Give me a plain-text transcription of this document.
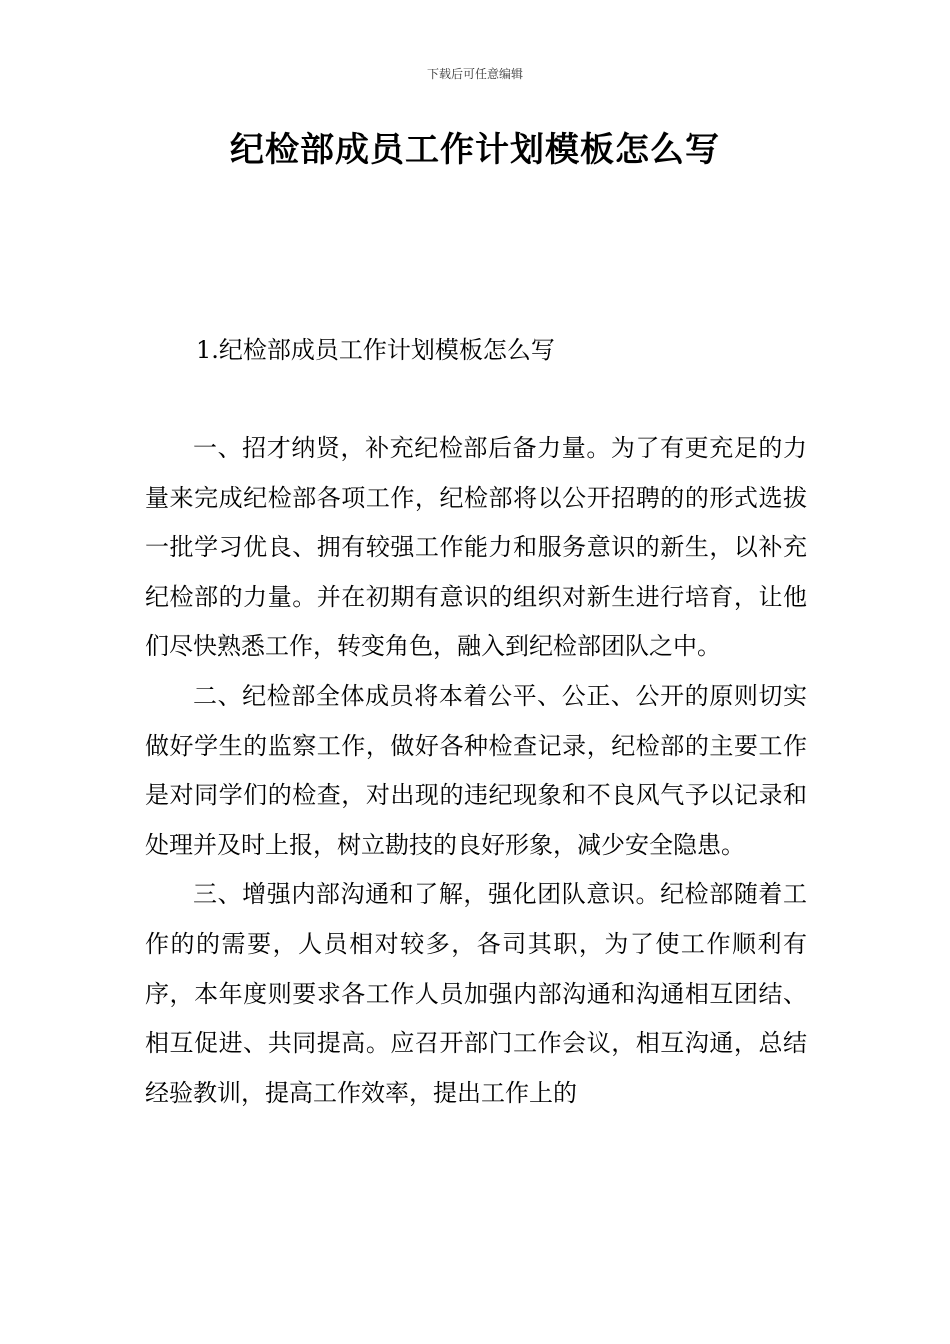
下载后可任意编辑
纪检部成员工作计划模板怎么写
1.纪检部成员工作计划模板怎么写

一、招才纳贤，补充纪检部后备力量。为了有更充足的力量来完成纪检部各项工作，纪检部将以公开招聘的的形式选拔一批学习优良、拥有较强工作能力和服务意识的新生，以补充纪检部的力量。并在初期有意识的组织对新生进行培育，让他们尽快熟悉工作，转变角色，融入到纪检部团队之中。

二、纪检部全体成员将本着公平、公正、公开的原则切实做好学生的监察工作，做好各种检查记录，纪检部的主要工作是对同学们的检查，对出现的违纪现象和不良风气予以记录和处理并及时上报，树立勘技的良好形象，减少安全隐患。

三、增强内部沟通和了解，强化团队意识。纪检部随着工作的的需要，人员相对较多，各司其职，为了使工作顺利有序，本年度则要求各工作人员加强内部沟通和沟通相互团结、相互促进、共同提高。应召开部门工作会议，相互沟通，总结经验教训，提高工作效率，提出工作上的
